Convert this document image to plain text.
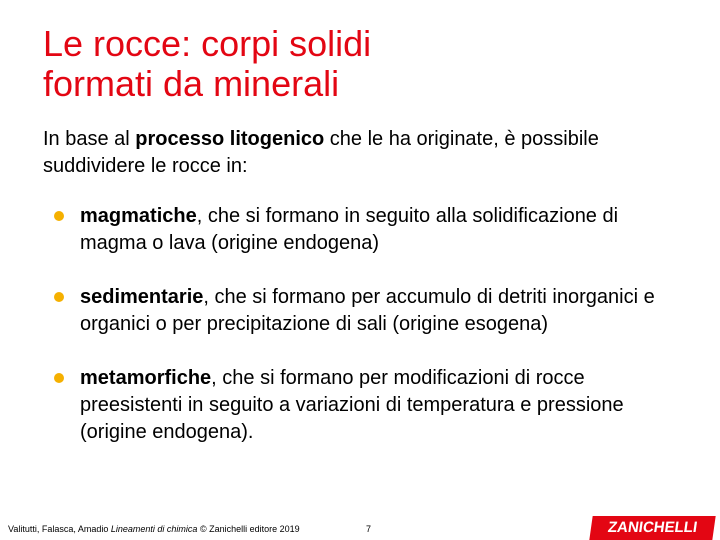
Le rocce: corpi solidi
formati da minerali

In base al processo litogenico che le ha originate, è possibile suddividere le rocce in:

magmatiche, che si formano in seguito alla solidificazione di magma o lava (origine endogena)
sedimentarie, che si formano per accumulo di detriti inorganici e organici o per precipitazione di sali (origine esogena)
metamorfiche, che si formano per modificazioni di rocce preesistenti in seguito a variazioni di temperatura e pressione (origine endogena).
Valitutti, Falasca, Amadio Lineamenti di chimica © Zanichelli editore 2019	7	ZANICHELLI
